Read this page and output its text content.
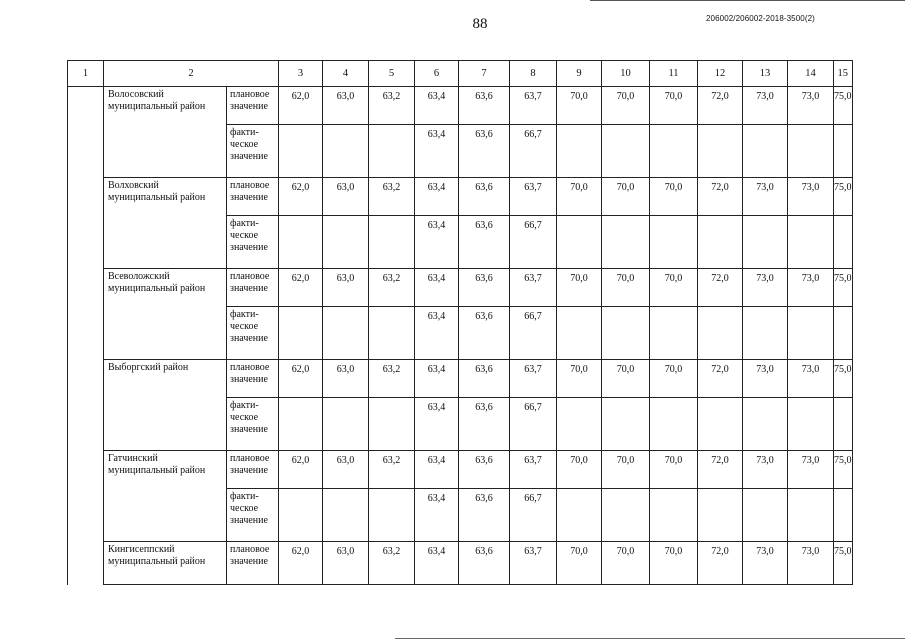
88	206002/206002-2018-3500(2)
1	2		3	4	5	6	7	8	9	10	11	12	13	14	15
	Волосовский муниципальный район	плановое значение	62,0	63,0	63,2	63,4	63,6	63,7	70,0	70,0	70,0	72,0	73,0	73,0	75,0
		факти-ческое значение				63,4	63,6	66,7							
	Волховский муниципальный район	плановое значение	62,0	63,0	63,2	63,4	63,6	63,7	70,0	70,0	70,0	72,0	73,0	73,0	75,0
		факти-ческое значение				63,4	63,6	66,7							
	Всеволожский муниципальный район	плановое значение	62,0	63,0	63,2	63,4	63,6	63,7	70,0	70,0	70,0	72,0	73,0	73,0	75,0
		факти-ческое значение				63,4	63,6	66,7							
	Выборгский район	плановое значение	62,0	63,0	63,2	63,4	63,6	63,7	70,0	70,0	70,0	72,0	73,0	73,0	75,0
		факти-ческое значение				63,4	63,6	66,7							
	Гатчинский муниципальный район	плановое значение	62,0	63,0	63,2	63,4	63,6	63,7	70,0	70,0	70,0	72,0	73,0	73,0	75,0
		факти-ческое значение				63,4	63,6	66,7							
	Кингисеппский муниципальный район	плановое значение	62,0	63,0	63,2	63,4	63,6	63,7	70,0	70,0	70,0	72,0	73,0	73,0	75,0
